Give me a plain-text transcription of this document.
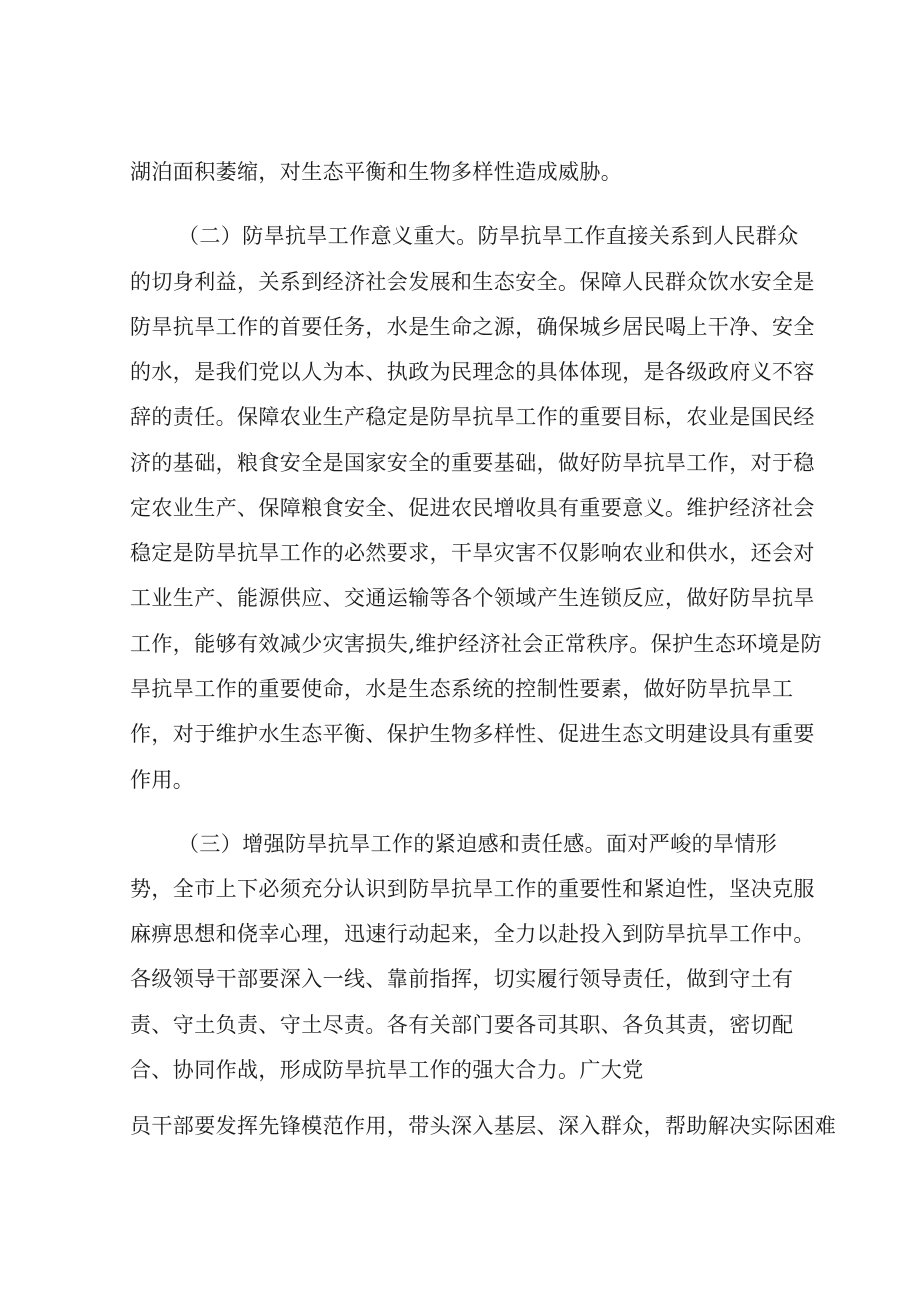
湖泊面积萎缩，对生态平衡和生物多样性造成威胁。

（二）防旱抗旱工作意义重大。防旱抗旱工作直接关系到人民群众

的切身利益，关系到经济社会发展和生态安全。保障人民群众饮水安全是

防旱抗旱工作的首要任务，水是生命之源，确保城乡居民喝上干净、安全

的水，是我们党以人为本、执政为民理念的具体体现，是各级政府义不容

辞的责任。保障农业生产稳定是防旱抗旱工作的重要目标，农业是国民经

济的基础，粮食安全是国家安全的重要基础，做好防旱抗旱工作，对于稳

定农业生产、保障粮食安全、促进农民增收具有重要意义。维护经济社会

稳定是防旱抗旱工作的必然要求，干旱灾害不仅影响农业和供水，还会对

工业生产、能源供应、交通运输等各个领域产生连锁反应，做好防旱抗旱

工作，能够有效减少灾害损失,维护经济社会正常秩序。保护生态环境是防

旱抗旱工作的重要使命，水是生态系统的控制性要素，做好防旱抗旱工

作，对于维护水生态平衡、保护生物多样性、促进生态文明建设具有重要

作用。

（三）增强防旱抗旱工作的紧迫感和责任感。面对严峻的旱情形

势，全市上下必须充分认识到防旱抗旱工作的重要性和紧迫性，坚决克服

麻痹思想和侥幸心理，迅速行动起来，全力以赴投入到防旱抗旱工作中。

各级领导干部要深入一线、靠前指挥，切实履行领导责任，做到守土有

责、守土负责、守土尽责。各有关部门要各司其职、各负其责，密切配

合、协同作战，形成防旱抗旱工作的强大合力。广大党

员干部要发挥先锋模范作用，带头深入基层、深入群众，帮助解决实际困难
